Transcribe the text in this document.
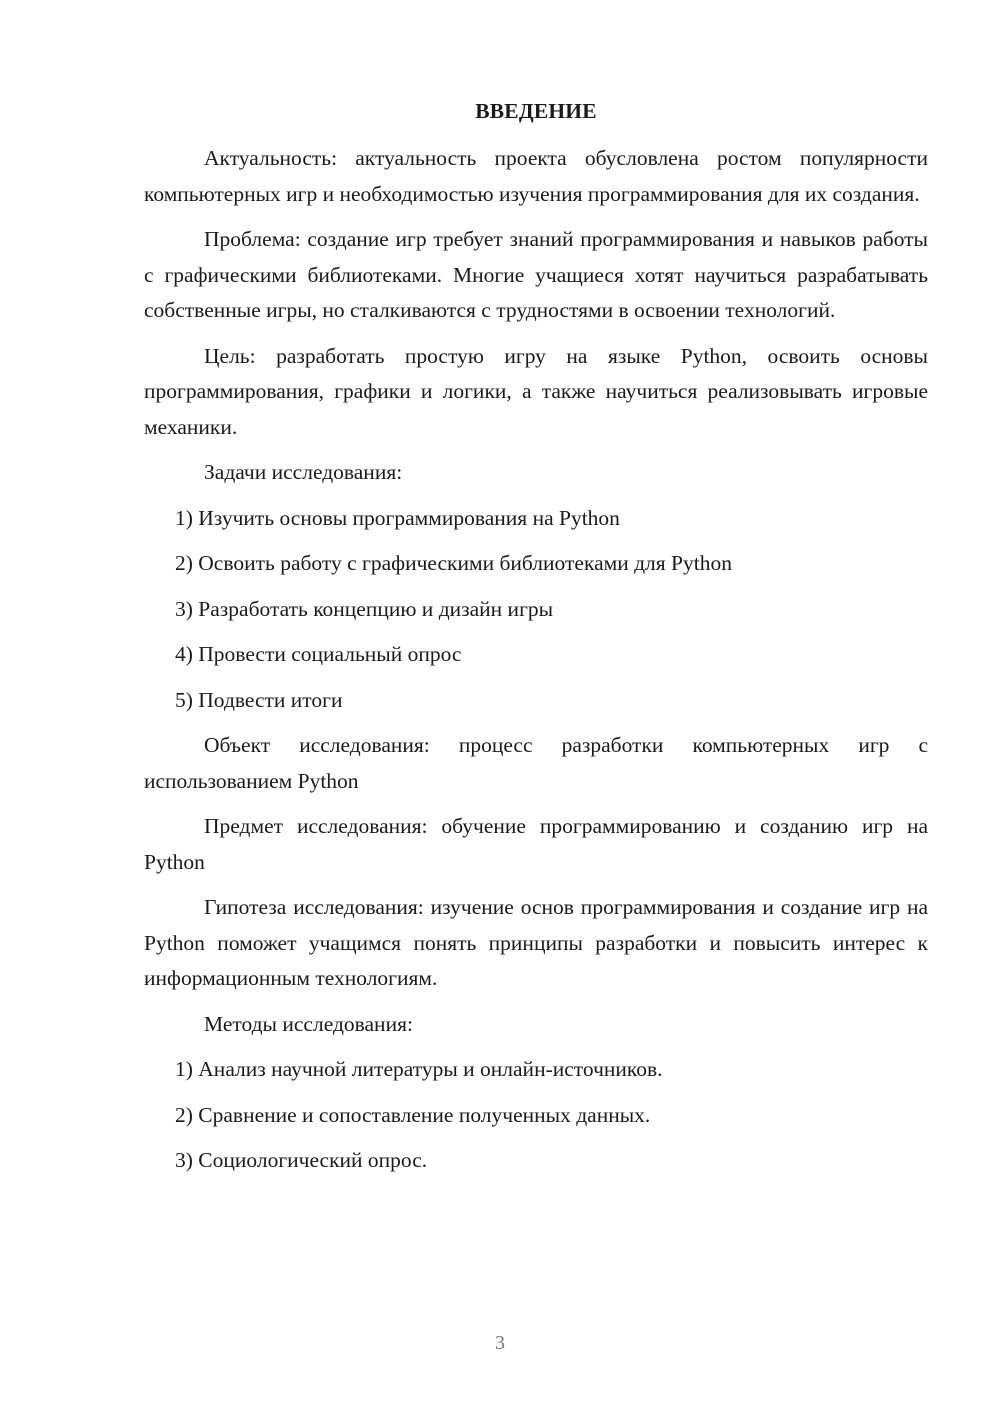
ВВЕДЕНИЕ

Актуальность: актуальность проекта обусловлена ростом популярности компьютерных игр и необходимостью изучения программирования для их создания.

Проблема: создание игр требует знаний программирования и навыков работы с графическими библиотеками. Многие учащиеся хотят научиться разрабатывать собственные игры, но сталкиваются с трудностями в освоении технологий.

Цель: разработать простую игру на языке Python, освоить основы программирования, графики и логики, а также научиться реализовывать игровые механики.

Задачи исследования:

1) Изучить основы программирования на Python

2) Освоить работу с графическими библиотеками для Python

3) Разработать концепцию и дизайн игры

4) Провести социальный опрос

5) Подвести итоги

Объект исследования: процесс разработки компьютерных игр с использованием Python

Предмет исследования: обучение программированию и созданию игр на Python

Гипотеза исследования: изучение основ программирования и создание игр на Python поможет учащимся понять принципы разработки и повысить интерес к информационным технологиям.

Методы исследования:

1) Анализ научной литературы и онлайн-источников.

2) Сравнение и сопоставление полученных данных.

3) Социологический опрос.

3
